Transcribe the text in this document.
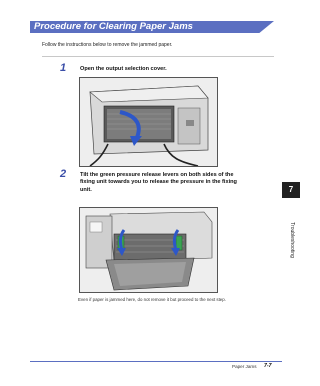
Procedure for Clearing Paper Jams
Follow the instructions below to remove the jammed paper.
1 Open the output selection cover.
2 Tilt the green pressure release levers on both sides of the
fixing unit towards you to release the pressure in the fixing
unit.
Even if paper is jammed here, do not remove it but proceed to the next step.
7
Troubleshooting
Paper Jams 7-7
